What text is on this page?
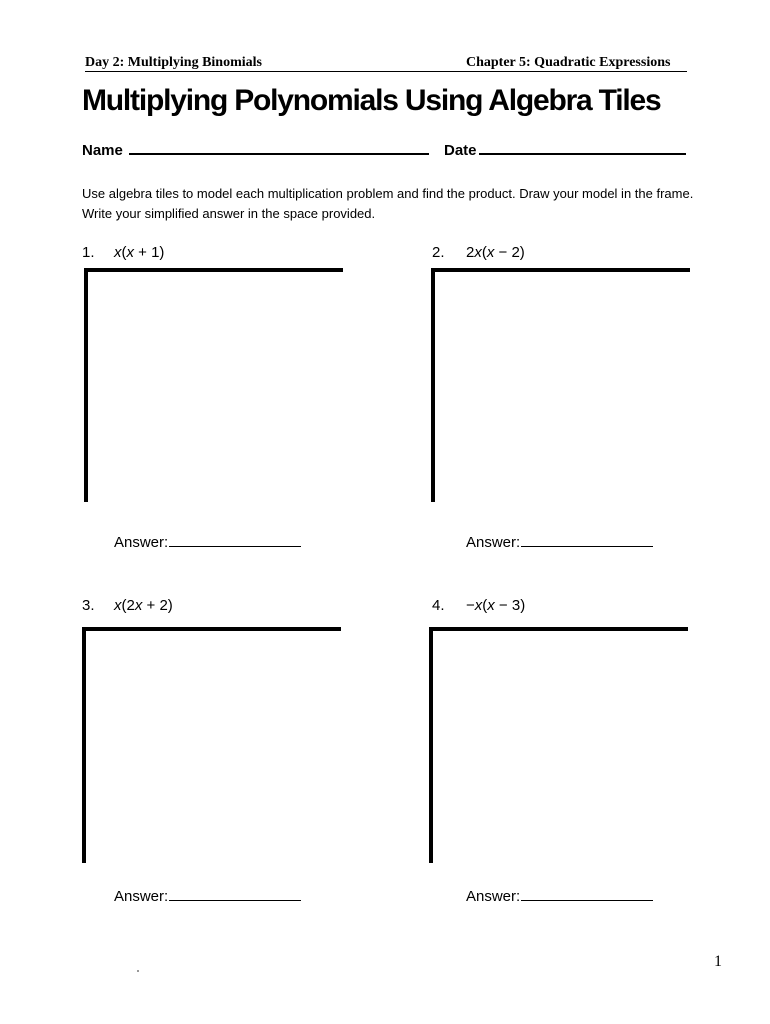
Day 2: Multiplying Binomials	Chapter 5: Quadratic Expressions
Multiplying Polynomials Using Algebra Tiles
Name	Date
Use algebra tiles to model each multiplication problem and find the product. Draw your model in the frame. Write your simplified answer in the space provided.
1. x(x + 1)
Answer:
2. 2x(x − 2)
Answer:
3. x(2x + 2)
Answer:
4. −x(x − 3)
Answer:
1
